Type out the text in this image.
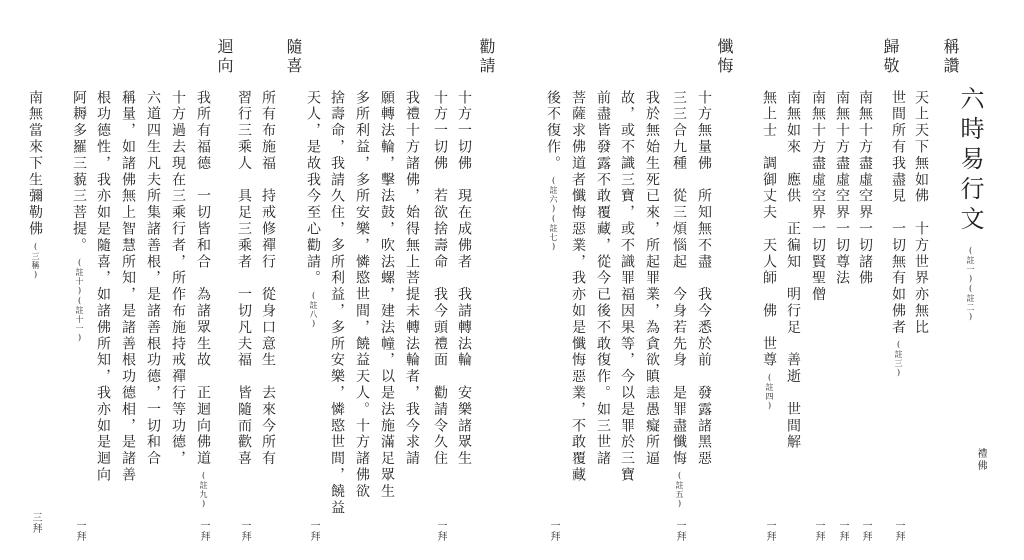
六時易行文(註一)(註二)
稱讚
天上天下無如佛　十方世界亦無比
世間所有我盡見　一切無有如佛者(註三)
一拜
歸敬
南無十方盡虛空界一切諸佛
一拜
南無十方盡虛空界一切尊法
一拜
南無十方盡虛空界一切賢聖僧
一拜
南無如來　應供　正徧知　明行足　善逝　世間解
無上士　調御丈夫　天人師　佛　世尊(註四)
一拜
懺悔
十方無量佛　所知無不盡　我今悉於前　發露諸黑惡
三三合九種　從三煩惱起　今身若先身　是罪盡懺悔(註五)
一拜
我於無始生死已來，所起罪業，為貪欲瞋恚愚癡所逼
故，或不識三寶，或不識罪福因果等，今以是罪於三寶
前盡皆發露不敢覆藏，從今已後不敢復作。如三世諸
菩薩求佛道者懺悔惡業，我亦如是懺悔惡業，不敢覆藏
後不復作。(註六)(註七)
一拜
勸請
十方一切佛　現在成佛者　我請轉法輪　安樂諸眾生
十方一切佛　若欲捨壽命　我今頭禮面　勸請令久住
一拜
我禮十方諸佛，始得無上菩提未轉法輪者，我今求請
願轉法輪，擊法鼓，吹法螺，建法幢，以是法施滿足眾生
多所利益，多所安樂，憐愍世間，饒益天人。十方諸佛欲
捨壽命，我請久住，多所利益，多所安樂，憐愍世間，饒益
天人，是故我今至心勸請。(註八)
一拜
隨喜
所有布施福　持戒修禪行　從身口意生　去來今所有
習行三乘人　具足三乘者　一切凡夫福　皆隨而歡喜
一拜
迴向
我所有福德　一切皆和合　為諸眾生故　正迴向佛道(註九)
一拜
十方過去現在三乘行者，所作布施持戒禪行等功德，
六道四生凡夫所集諸善根，是諸善根功德，一切和合
稱量，如諸佛無上智慧所知，是諸善根功德相，是諸善
根功德性，我亦如是隨喜，如諸佛所知，我亦如是迴向
阿耨多羅三藐三菩提。(註十)(註十一)
一拜
南無當來下生彌勒佛(三稱)
三拜
禮佛
